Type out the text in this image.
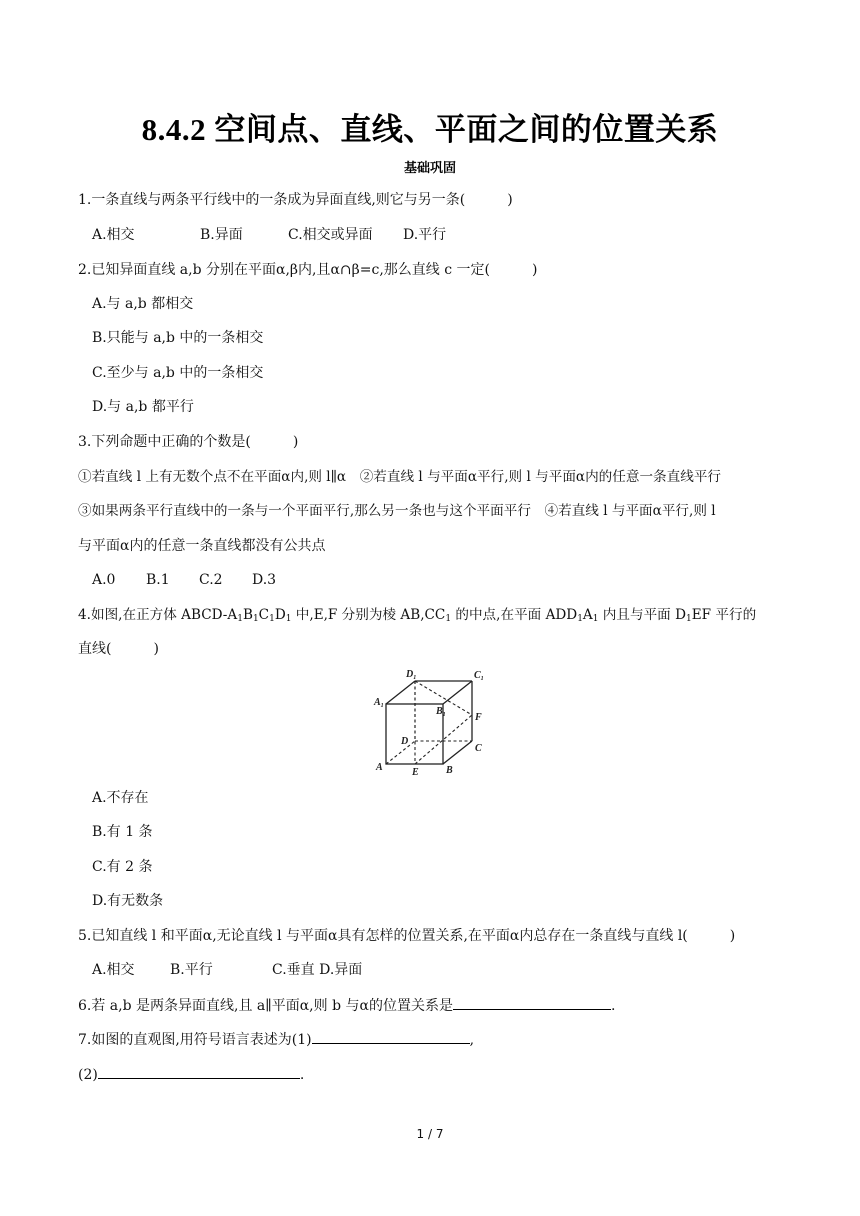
8.4.2 空间点、直线、平面之间的位置关系
基础巩固
1.一条直线与两条平行线中的一条成为异面直线,则它与另一条(　　　)
A.相交	B.异面	C.相交或异面 D.平行
2.已知异面直线 a,b 分别在平面α,β内,且α∩β=c,那么直线 c 一定(　　　)
A.与 a,b 都相交
B.只能与 a,b 中的一条相交
C.至少与 a,b 中的一条相交
D.与 a,b 都平行
3.下列命题中正确的个数是(　　　)
①若直线 l 上有无数个点不在平面α内,则 l∥α　②若直线 l 与平面α平行,则 l 与平面α内的任意一条直线平行
③如果两条平行直线中的一条与一个平面平行,那么另一条也与这个平面平行　④若直线 l 与平面α平行,则 l
与平面α内的任意一条直线都没有公共点
A.0 B.1 C.2 D.3
4.如图,在正方体 ABCD-$A_1B_1C_1D_1$ 中,E,F 分别为棱 $AB,CC_1$ 的中点,在平面 $ADD_1A_1$ 内且与平面 $D_1EF$ 平行的
直线(　　　)
$D_1$	$C_1$
$A_1$	$B_1$	F
D
C
A	E	B
A.不存在
B.有 1 条
C.有 2 条
D.有无数条
5.已知直线 l 和平面α,无论直线 l 与平面α具有怎样的位置关系,在平面α内总存在一条直线与直线 l(　　　)
A.相交	B.平行	C.垂直 D.异面
6.若 a,b 是两条异面直线,且 a∥平面α,则 b 与α的位置关系是	.
7.如图的直观图,用符号语言表述为(1)	,
(2)	.
1 / 7
